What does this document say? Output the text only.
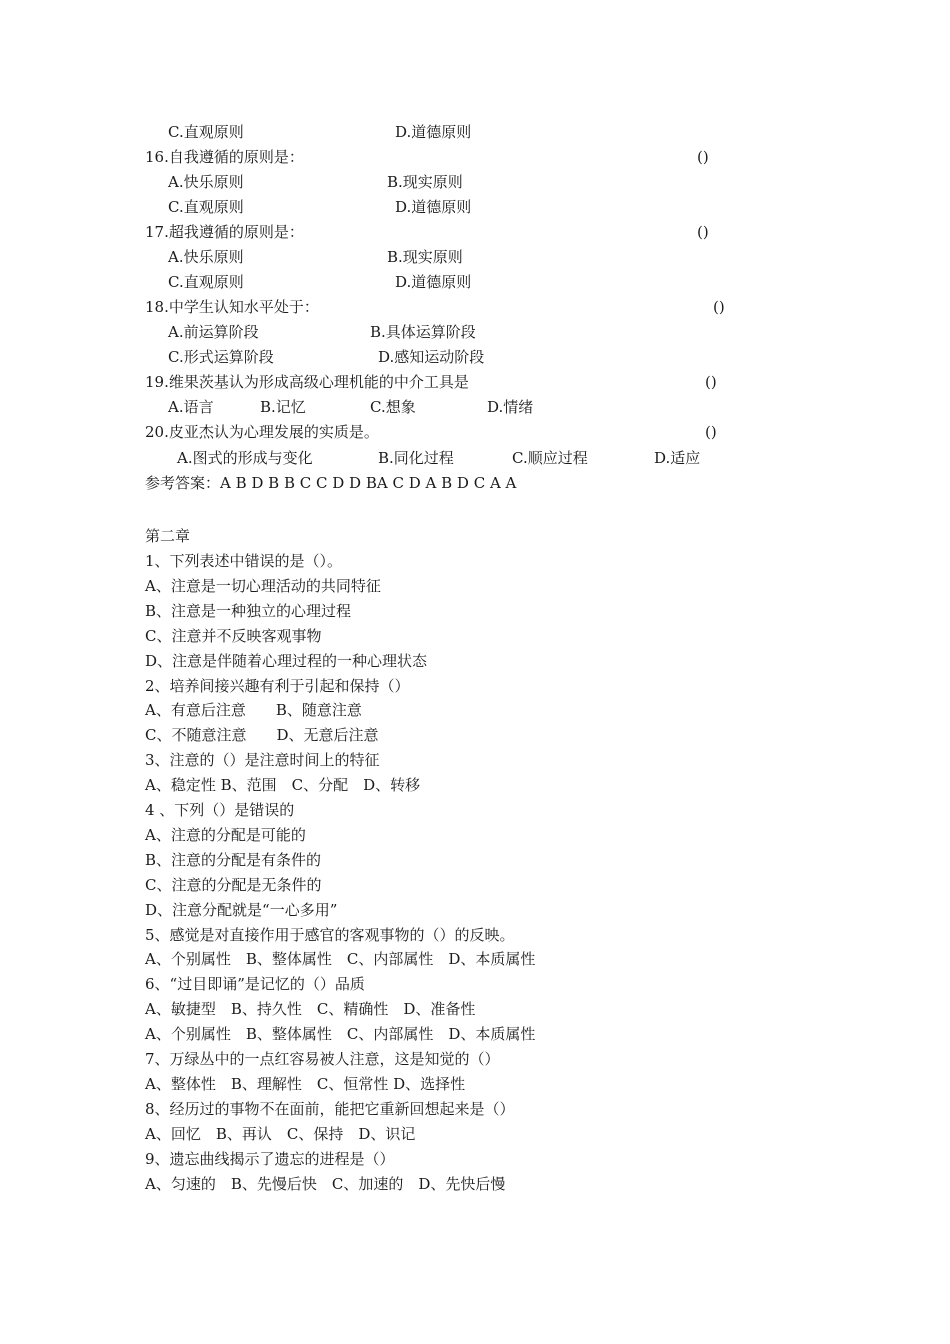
C.直观原则	D.道德原则
16.自我遵循的原则是：	()
A.快乐原则	B.现实原则
C.直观原则	D.道德原则
17.超我遵循的原则是：	()
A.快乐原则	B.现实原则
C.直观原则	D.道德原则
18.中学生认知水平处于：	()
A.前运算阶段	B.具体运算阶段
C.形式运算阶段	D.感知运动阶段
19.维果茨基认为形成高级心理机能的中介工具是	()
A.语言	B.记忆	C.想象	D.情绪
20.皮亚杰认为心理发展的实质是。	()
A.图式的形成与变化	B.同化过程	C.顺应过程	D.适应
参考答案：A B D B B C C D D BA C D A B D C A A
第二章
1、下列表述中错误的是（）。
A、注意是一切心理活动的共同特征
B、注意是一种独立的心理过程
C、注意并不反映客观事物
D、注意是伴随着心理过程的一种心理状态
2、培养间接兴趣有利于引起和保持（）
A、有意后注意　　B、随意注意
C、不随意注意　　D、无意后注意
3、注意的（）是注意时间上的特征
A、稳定性 B、范围　C、分配　D、转移
4 、下列（）是错误的
A、注意的分配是可能的
B、注意的分配是有条件的
C、注意的分配是无条件的
D、注意分配就是“一心多用”
5、感觉是对直接作用于感官的客观事物的（）的反映。
A、个别属性　B、整体属性　C、内部属性　D、本质属性
6、“过目即诵”是记忆的（）品质
A、敏捷型　B、持久性　C、精确性　D、准备性
A、个别属性　B、整体属性　C、内部属性　D、本质属性
7、万绿丛中的一点红容易被人注意，这是知觉的（）
A、整体性　B、理解性　C、恒常性 D、选择性
8、经历过的事物不在面前，能把它重新回想起来是（）
A、回忆　B、再认　C、保持　D、识记
9、遗忘曲线揭示了遗忘的进程是（）
A、匀速的　B、先慢后快　C、加速的　D、先快后慢
